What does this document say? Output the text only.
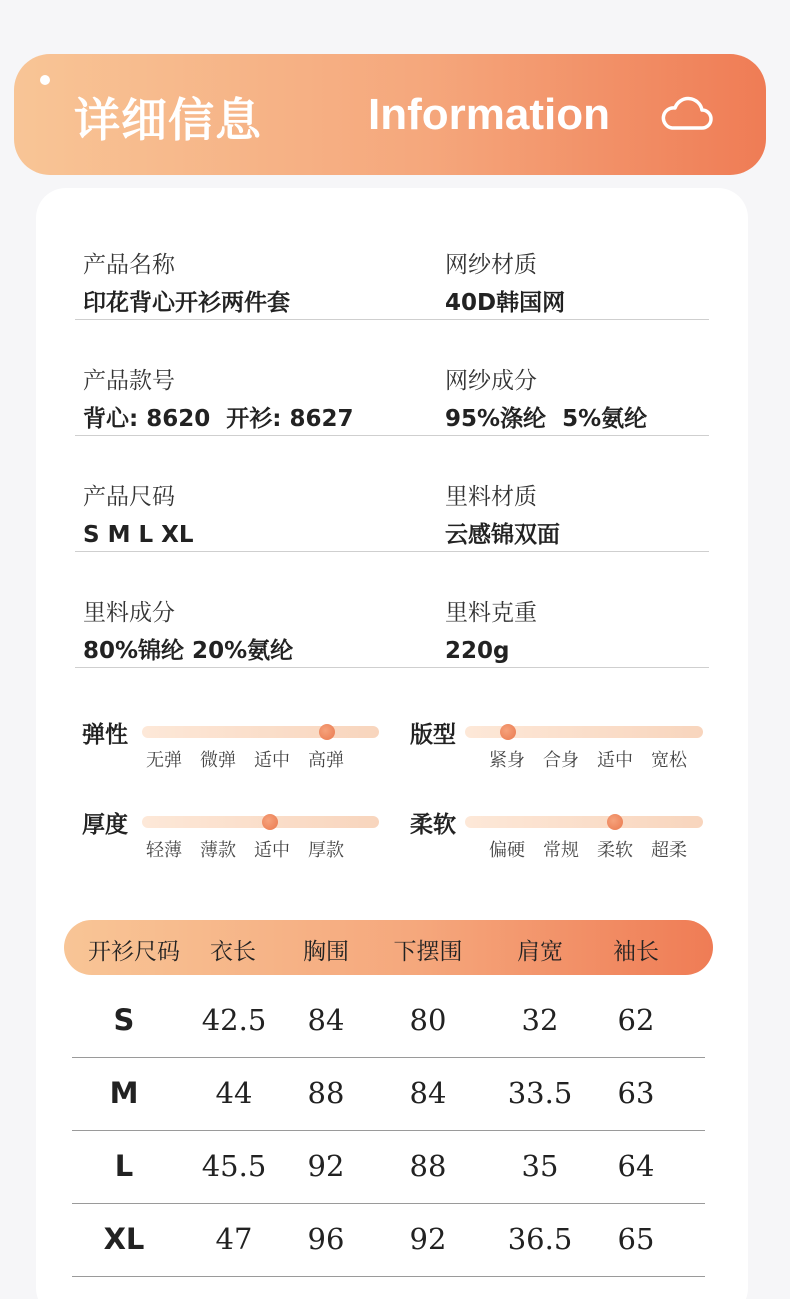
详细信息 Information
产品名称
印花背心开衫两件套
网纱材质
40D韩国网
产品款号
背心: 8620  开衫: 8627
网纱成分
95%涤纶  5%氨纶
产品尺码
S M L XL
里料材质
云感锦双面
里料成分
80%锦纶 20%氨纶
里料克重
220g
弹性
无弹	微弹	适中	高弹
版型
紧身	合身	适中	宽松
厚度
轻薄	薄款	适中	厚款
柔软
偏硬	常规	柔软	超柔
开衫尺码 衣长 胸围 下摆围 肩宽 袖长
S 42.5 84 80	32 62
M	44 88 84 33.5 63
L 45.5 92 88	35 64
XL 47 96 92 36.5 65
